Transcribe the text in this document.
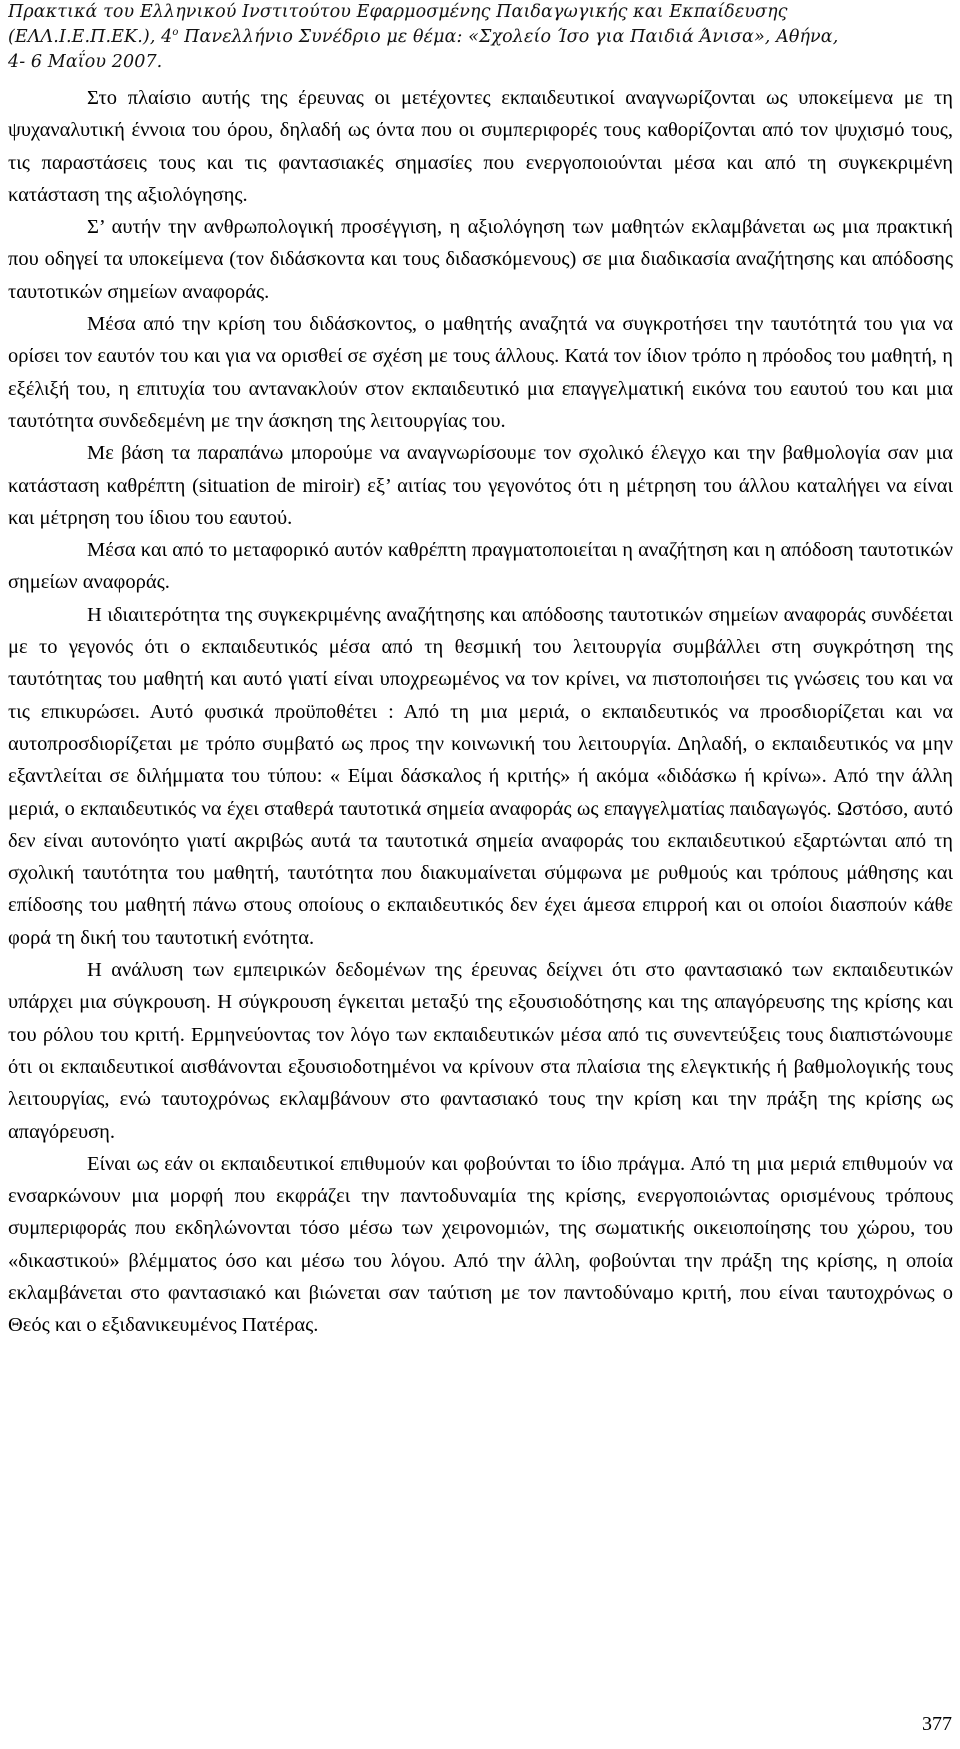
Πρακτικά του Ελληνικού Ινστιτούτου Εφαρμοσμένης Παιδαγωγικής και Εκπαίδευσης
(ΕΛΛ.Ι.Ε.Π.ΕΚ.), $4^o$ Πανελλήνιο Συνέδριο με θέμα: «Σχολείο Ίσο για Παιδιά Άνισα», Αθήνα,
4- 6 Μαΐου 2007.

Στο πλαίσιο αυτής της έρευνας οι μετέχοντες εκπαιδευτικοί αναγνωρίζονται ως υποκείμενα με τη ψυχαναλυτική έννοια του όρου, δηλαδή ως όντα που οι συμπεριφορές τους καθορίζονται από τον ψυχισμό τους, τις παραστάσεις τους και τις φαντασιακές σημασίες που ενεργοποιούνται μέσα και από τη συγκεκριμένη κατάσταση της αξιολόγησης.

Σ’ αυτήν την ανθρωπολογική προσέγγιση, η αξιολόγηση των μαθητών εκλαμβάνεται ως μια πρακτική που οδηγεί τα υποκείμενα (τον διδάσκοντα και τους διδασκόμενους) σε μια διαδικασία αναζήτησης και απόδοσης ταυτοτικών σημείων αναφοράς.

Μέσα από την κρίση του διδάσκοντος, ο μαθητής αναζητά να συγκροτήσει την ταυτότητά του για να ορίσει τον εαυτόν του και για να ορισθεί σε σχέση με τους άλλους. Κατά τον ίδιον τρόπο η πρόοδος του μαθητή, η εξέλιξή του, η επιτυχία του αντανακλούν στον εκπαιδευτικό μια επαγγελματική εικόνα του εαυτού του και μια ταυτότητα συνδεδεμένη με την άσκηση της λειτουργίας του.

Με βάση τα παραπάνω μπορούμε να αναγνωρίσουμε τον σχολικό έλεγχο και την βαθμολογία σαν μια κατάσταση καθρέπτη (situation de miroir) εξ’ αιτίας του γεγονότος ότι η μέτρηση του άλλου καταλήγει να είναι και μέτρηση του ίδιου του εαυτού.

Μέσα και από το μεταφορικό αυτόν καθρέπτη πραγματοποιείται η αναζήτηση και η απόδοση ταυτοτικών σημείων αναφοράς.

Η ιδιαιτερότητα της συγκεκριμένης αναζήτησης και απόδοσης ταυτοτικών σημείων αναφοράς συνδέεται με το γεγονός ότι ο εκπαιδευτικός μέσα από τη θεσμική του λειτουργία συμβάλλει στη συγκρότηση της ταυτότητας του μαθητή και αυτό γιατί είναι υποχρεωμένος να τον κρίνει, να πιστοποιήσει τις γνώσεις του και να τις επικυρώσει. Αυτό φυσικά προϋποθέτει : Από τη μια μεριά, ο εκπαιδευτικός να προσδιορίζεται και να αυτοπροσδιορίζεται με τρόπο συμβατό ως προς την κοινωνική του λειτουργία. Δηλαδή, ο εκπαιδευτικός να μην εξαντλείται σε διλήμματα του τύπου: « Είμαι δάσκαλος ή κριτής» ή ακόμα «διδάσκω ή κρίνω». Από την άλλη μεριά, ο εκπαιδευτικός να έχει σταθερά ταυτοτικά σημεία αναφοράς ως επαγγελματίας παιδαγωγός. Ωστόσο, αυτό δεν είναι αυτονόητο γιατί ακριβώς αυτά τα ταυτοτικά σημεία αναφοράς του εκπαιδευτικού εξαρτώνται από τη σχολική ταυτότητα του μαθητή, ταυτότητα που διακυμαίνεται σύμφωνα με ρυθμούς και τρόπους μάθησης και επίδοσης του μαθητή πάνω στους οποίους ο εκπαιδευτικός δεν έχει άμεσα επιρροή και οι οποίοι διασπούν κάθε φορά τη δική του ταυτοτική ενότητα.

Η ανάλυση των εμπειρικών δεδομένων της έρευνας δείχνει ότι στο φαντασιακό των εκπαιδευτικών υπάρχει μια σύγκρουση. Η σύγκρουση έγκειται μεταξύ της εξουσιοδότησης και της απαγόρευσης της κρίσης και του ρόλου του κριτή. Ερμηνεύοντας τον λόγο των εκπαιδευτικών μέσα από τις συνεντεύξεις τους διαπιστώνουμε ότι οι εκπαιδευτικοί αισθάνονται εξουσιοδοτημένοι να κρίνουν στα πλαίσια της ελεγκτικής ή βαθμολογικής τους λειτουργίας, ενώ ταυτοχρόνως εκλαμβάνουν στο φαντασιακό τους την κρίση και την πράξη της κρίσης ως απαγόρευση.

Είναι ως εάν οι εκπαιδευτικοί επιθυμούν και φοβούνται το ίδιο πράγμα. Από τη μια μεριά επιθυμούν να ενσαρκώνουν μια μορφή που εκφράζει την παντοδυναμία της κρίσης, ενεργοποιώντας ορισμένους τρόπους συμπεριφοράς που εκδηλώνονται τόσο μέσω των χειρονομιών, της σωματικής οικειοποίησης του χώρου, του «δικαστικού» βλέμματος όσο και μέσω του λόγου. Από την άλλη, φοβούνται την πράξη της κρίσης, η οποία εκλαμβάνεται στο φαντασιακό και βιώνεται σαν ταύτιση με τον παντοδύναμο κριτή, που είναι ταυτοχρόνως ο Θεός και ο εξιδανικευμένος Πατέρας.

377
